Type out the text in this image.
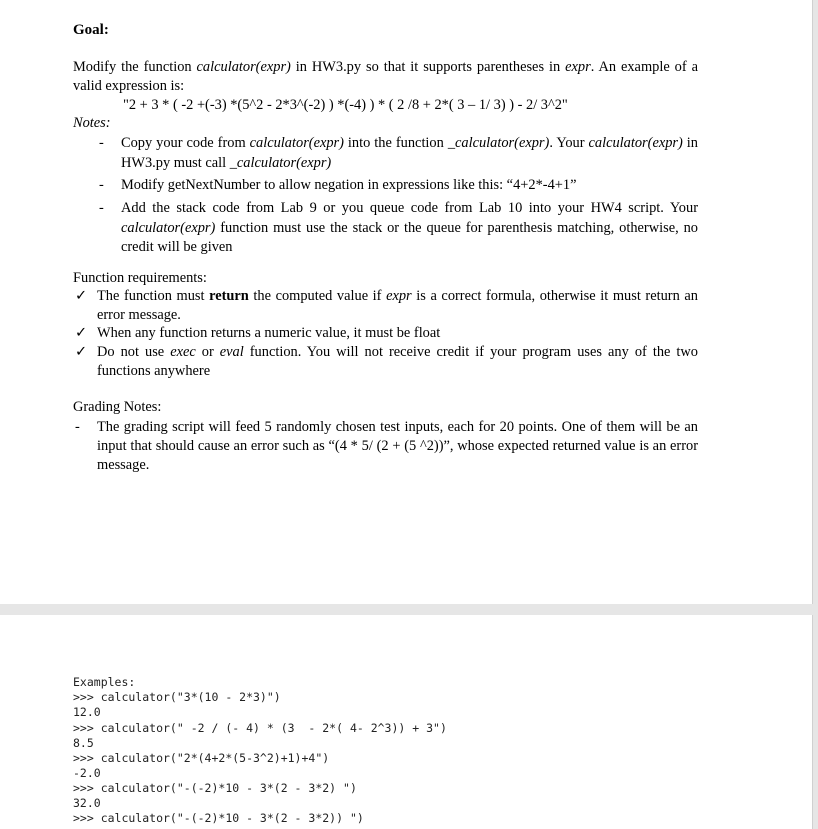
Goal:
Modify the function calculator(expr) in HW3.py so that it supports parentheses in expr. An example of a valid expression is:
"2 + 3 * ( -2 +(-3) *(5^2 - 2*3^(-2) ) *(-4) ) * ( 2 /8 + 2*( 3 – 1/ 3) ) - 2/ 3^2"
Notes:
- Copy your code from calculator(expr) into the function _calculator(expr). Your calculator(expr) in HW3.py must call _calculator(expr)
- Modify getNextNumber to allow negation in expressions like this: “4+2*-4+1”
- Add the stack code from Lab 9 or you queue code from Lab 10 into your HW4 script. Your calculator(expr) function must use the stack or the queue for parenthesis matching, otherwise, no credit will be given
Function requirements:
✓ The function must return the computed value if expr is a correct formula, otherwise it must return an error message.
✓ When any function returns a numeric value, it must be float
✓ Do not use exec or eval function. You will not receive credit if your program uses any of the two functions anywhere
Grading Notes:
- The grading script will feed 5 randomly chosen test inputs, each for 20 points. One of them will be an input that should cause an error such as “(4 * 5/ (2 + (5 ^2))”, whose expected returned value is an error message.
Examples:
>>> calculator("3*(10 - 2*3)")
12.0
>>> calculator(" -2 / (- 4) * (3  - 2*( 4- 2^3)) + 3")
8.5
>>> calculator("2*(4+2*(5-3^2)+1)+4")
-2.0
>>> calculator("-(-2)*10 - 3*(2 - 3*2) ")
32.0
>>> calculator("-(-2)*10 - 3*(2 - 3*2)) ")
